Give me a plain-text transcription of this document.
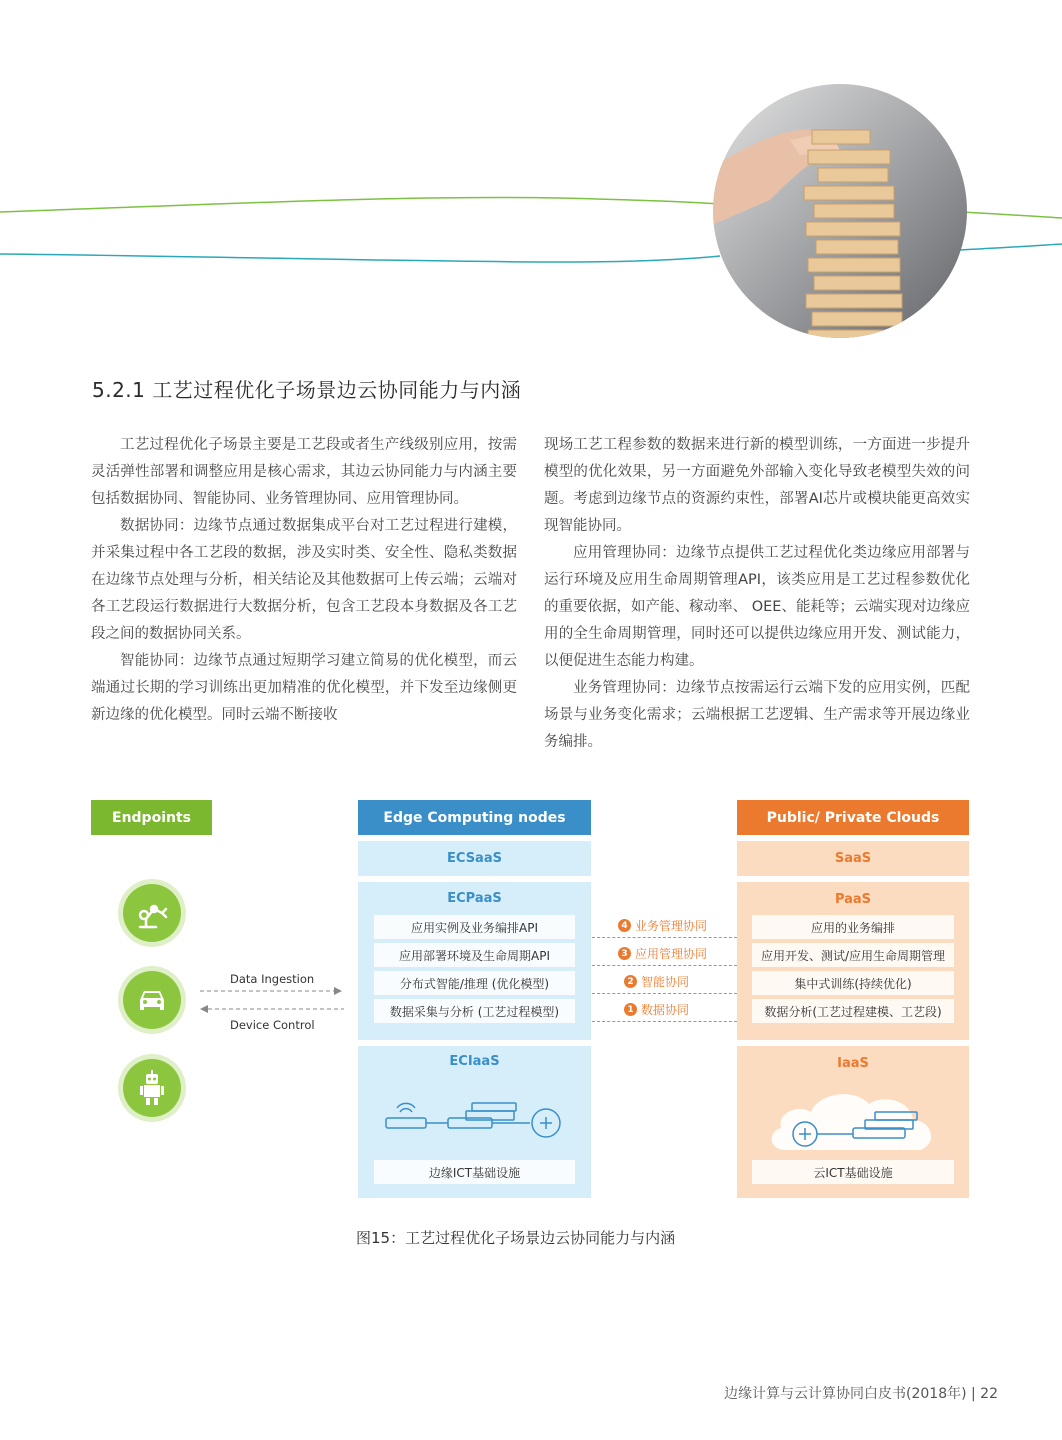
5.2.1 工艺过程优化子场景边云协同能力与内涵

工艺过程优化子场景主要是工艺段或者生产线级别应用，按需灵活弹性部署和调整应用是核心需求，其边云协同能力与内涵主要包括数据协同、智能协同、业务管理协同、应用管理协同。

数据协同：边缘节点通过数据集成平台对工艺过程进行建模，并采集过程中各工艺段的数据，涉及实时类、安全性、隐私类数据在边缘节点处理与分析，相关结论及其他数据可上传云端；云端对各工艺段运行数据进行大数据分析，包含工艺段本身数据及各工艺段之间的数据协同关系。

智能协同：边缘节点通过短期学习建立简易的优化模型，而云端通过长期的学习训练出更加精准的优化模型，并下发至边缘侧更新边缘的优化模型。同时云端不断接收

现场工艺工程参数的数据来进行新的模型训练，一方面进一步提升模型的优化效果，另一方面避免外部输入变化导致老模型失效的问题。考虑到边缘节点的资源约束性，部署AI芯片或模块能更高效实现智能协同。

应用管理协同：边缘节点提供工艺过程优化类边缘应用部署与运行环境及应用生命周期管理API，该类应用是工艺过程参数优化的重要依据，如产能、稼动率、 OEE、能耗等；云端实现对边缘应用的全生命周期管理，同时还可以提供边缘应用开发、测试能力，以便促进生态能力构建。

业务管理协同：边缘节点按需运行云端下发的应用实例，匹配场景与业务变化需求；云端根据工艺逻辑、生产需求等开展边缘业务编排。

Endpoints	Edge Computing nodes	Public/ Private Clouds
ECSaaS	SaaS
ECPaaS
应用实例及业务编排API
应用部署环境及生命周期API
分布式智能/推理 (优化模型)
数据采集与分析 (工艺过程模型)
PaaS
应用的业务编排
应用开发、测试/应用生命周期管理
集中式训练(持续优化)
数据分析(工艺过程建模、工艺段)
ECIaaS
边缘ICT基础设施
IaaS
云ICT基础设施
4 业务管理协同
3 应用管理协同
2 智能协同
1 数据协同
Data Ingestion
Device Control
图15：工艺过程优化子场景边云协同能力与内涵
边缘计算与云计算协同白皮书(2018年) | 22
